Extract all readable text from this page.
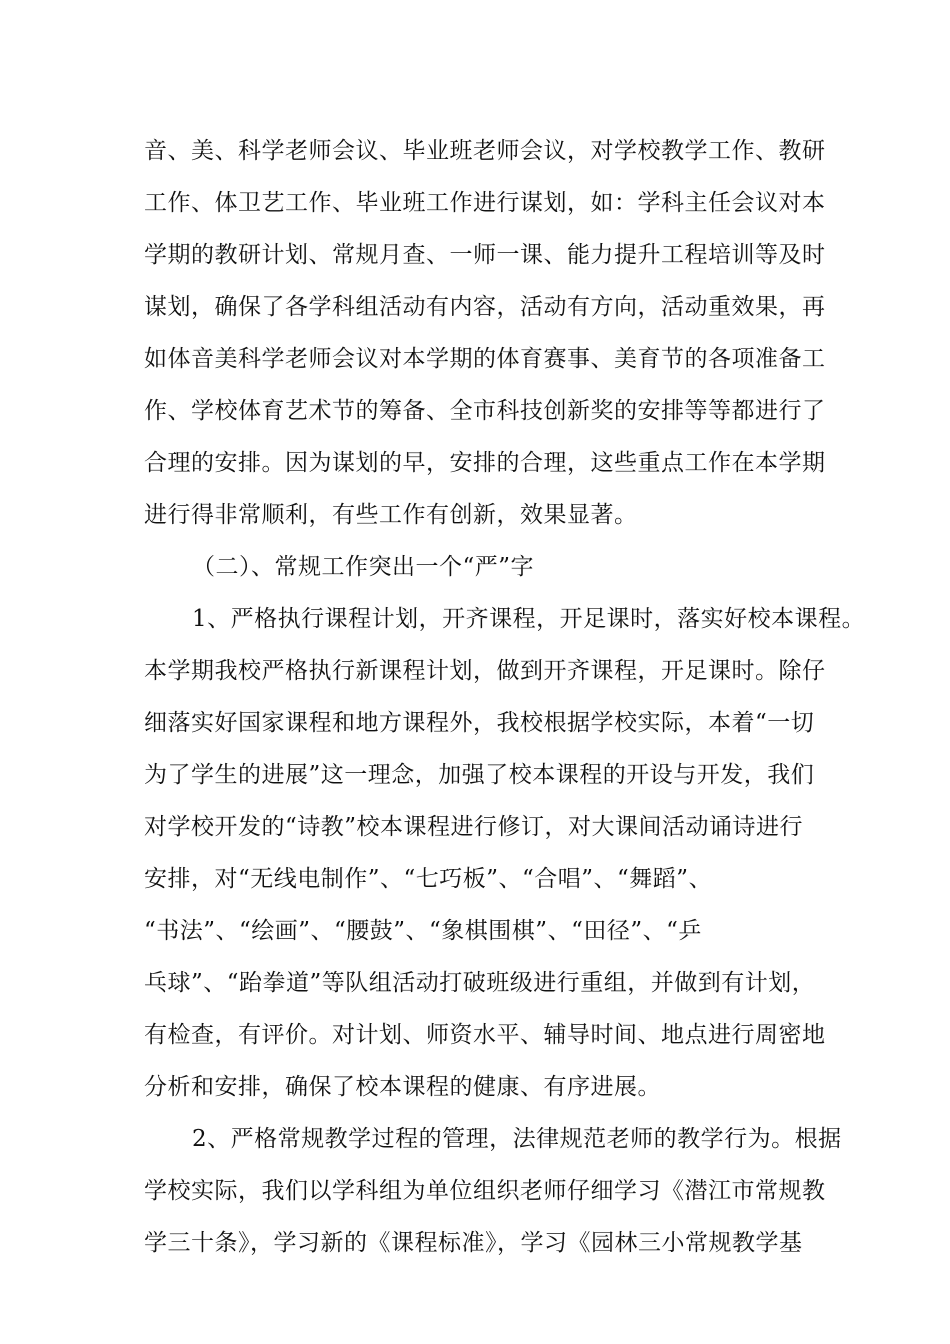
音、美、科学老师会议、毕业班老师会议，对学校教学工作、教研
工作、体卫艺工作、毕业班工作进行谋划，如：学科主任会议对本
学期的教研计划、常规月查、一师一课、能力提升工程培训等及时
谋划，确保了各学科组活动有内容，活动有方向，活动重效果，再
如体音美科学老师会议对本学期的体育赛事、美育节的各项准备工
作、学校体育艺术节的筹备、全市科技创新奖的安排等等都进行了
合理的安排。因为谋划的早，安排的合理，这些重点工作在本学期
进行得非常顺利，有些工作有创新，效果显著。
（二）、常规工作突出一个“严”字
1、严格执行课程计划，开齐课程，开足课时，落实好校本课程。
本学期我校严格执行新课程计划，做到开齐课程，开足课时。除仔
细落实好国家课程和地方课程外，我校根据学校实际，本着“一切
为了学生的进展”这一理念，加强了校本课程的开设与开发，我们
对学校开发的“诗教”校本课程进行修订，对大课间活动诵诗进行
安排，对“无线电制作”、“七巧板”、“合唱”、“舞蹈”、
“书法”、“绘画”、“腰鼓”、“象棋围棋”、“田径”、“乒
乓球”、“跆拳道”等队组活动打破班级进行重组，并做到有计划，
有检查，有评价。对计划、师资水平、辅导时间、地点进行周密地
分析和安排，确保了校本课程的健康、有序进展。
2、严格常规教学过程的管理，法律规范老师的教学行为。根据
学校实际，我们以学科组为单位组织老师仔细学习《潜江市常规教
学三十条》，学习新的《课程标准》，学习《园林三小常规教学基
